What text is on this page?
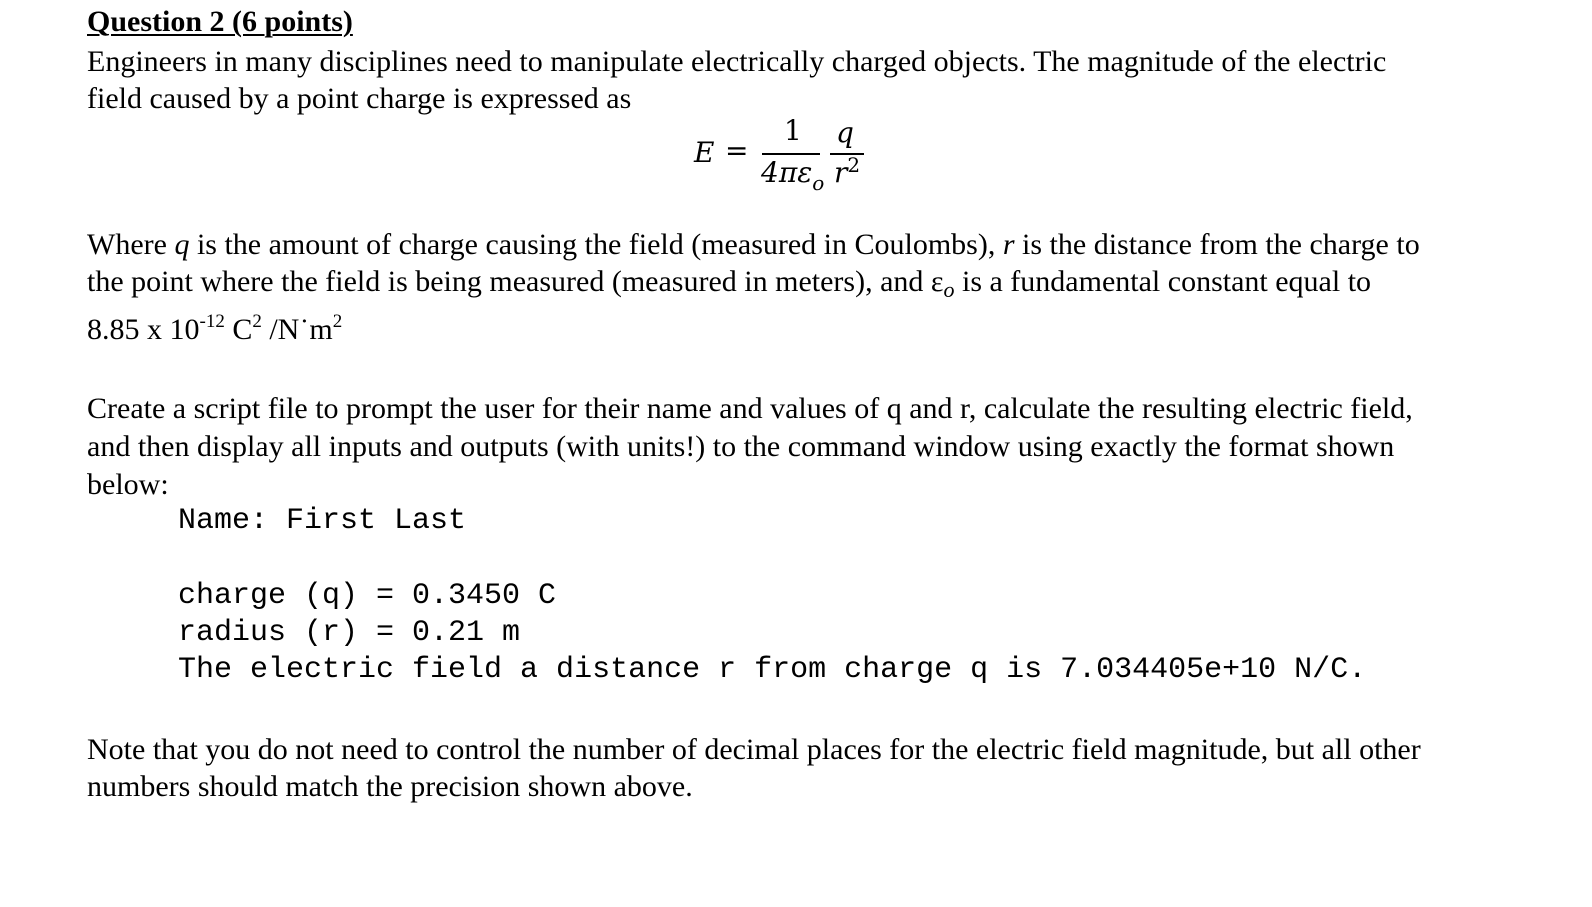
Question 2 (6 points)
Engineers in many disciplines need to manipulate electrically charged objects. The magnitude of the electric
field caused by a point charge is expressed as
E =
1
$4\pi\varepsilon_o$
q
$r^2$
Where q is the amount of charge causing the field (measured in Coulombs), r is the distance from the charge to
the point where the field is being measured (measured in meters), and $\varepsilon_o$ is a fundamental constant equal to
8.85 x $10^{-12}$ $C^2$ $/N˙m^2$
Create a script file to prompt the user for their name and values of q and r, calculate the resulting electric field,
and then display all inputs and outputs (with units!) to the command window using exactly the format shown
below:
Name: First Last
charge (q) = 0.3450 C
radius (r) = 0.21 m
The electric field a distance r from charge q is 7.034405e+10 N/C.
Note that you do not need to control the number of decimal places for the electric field magnitude, but all other
numbers should match the precision shown above.
